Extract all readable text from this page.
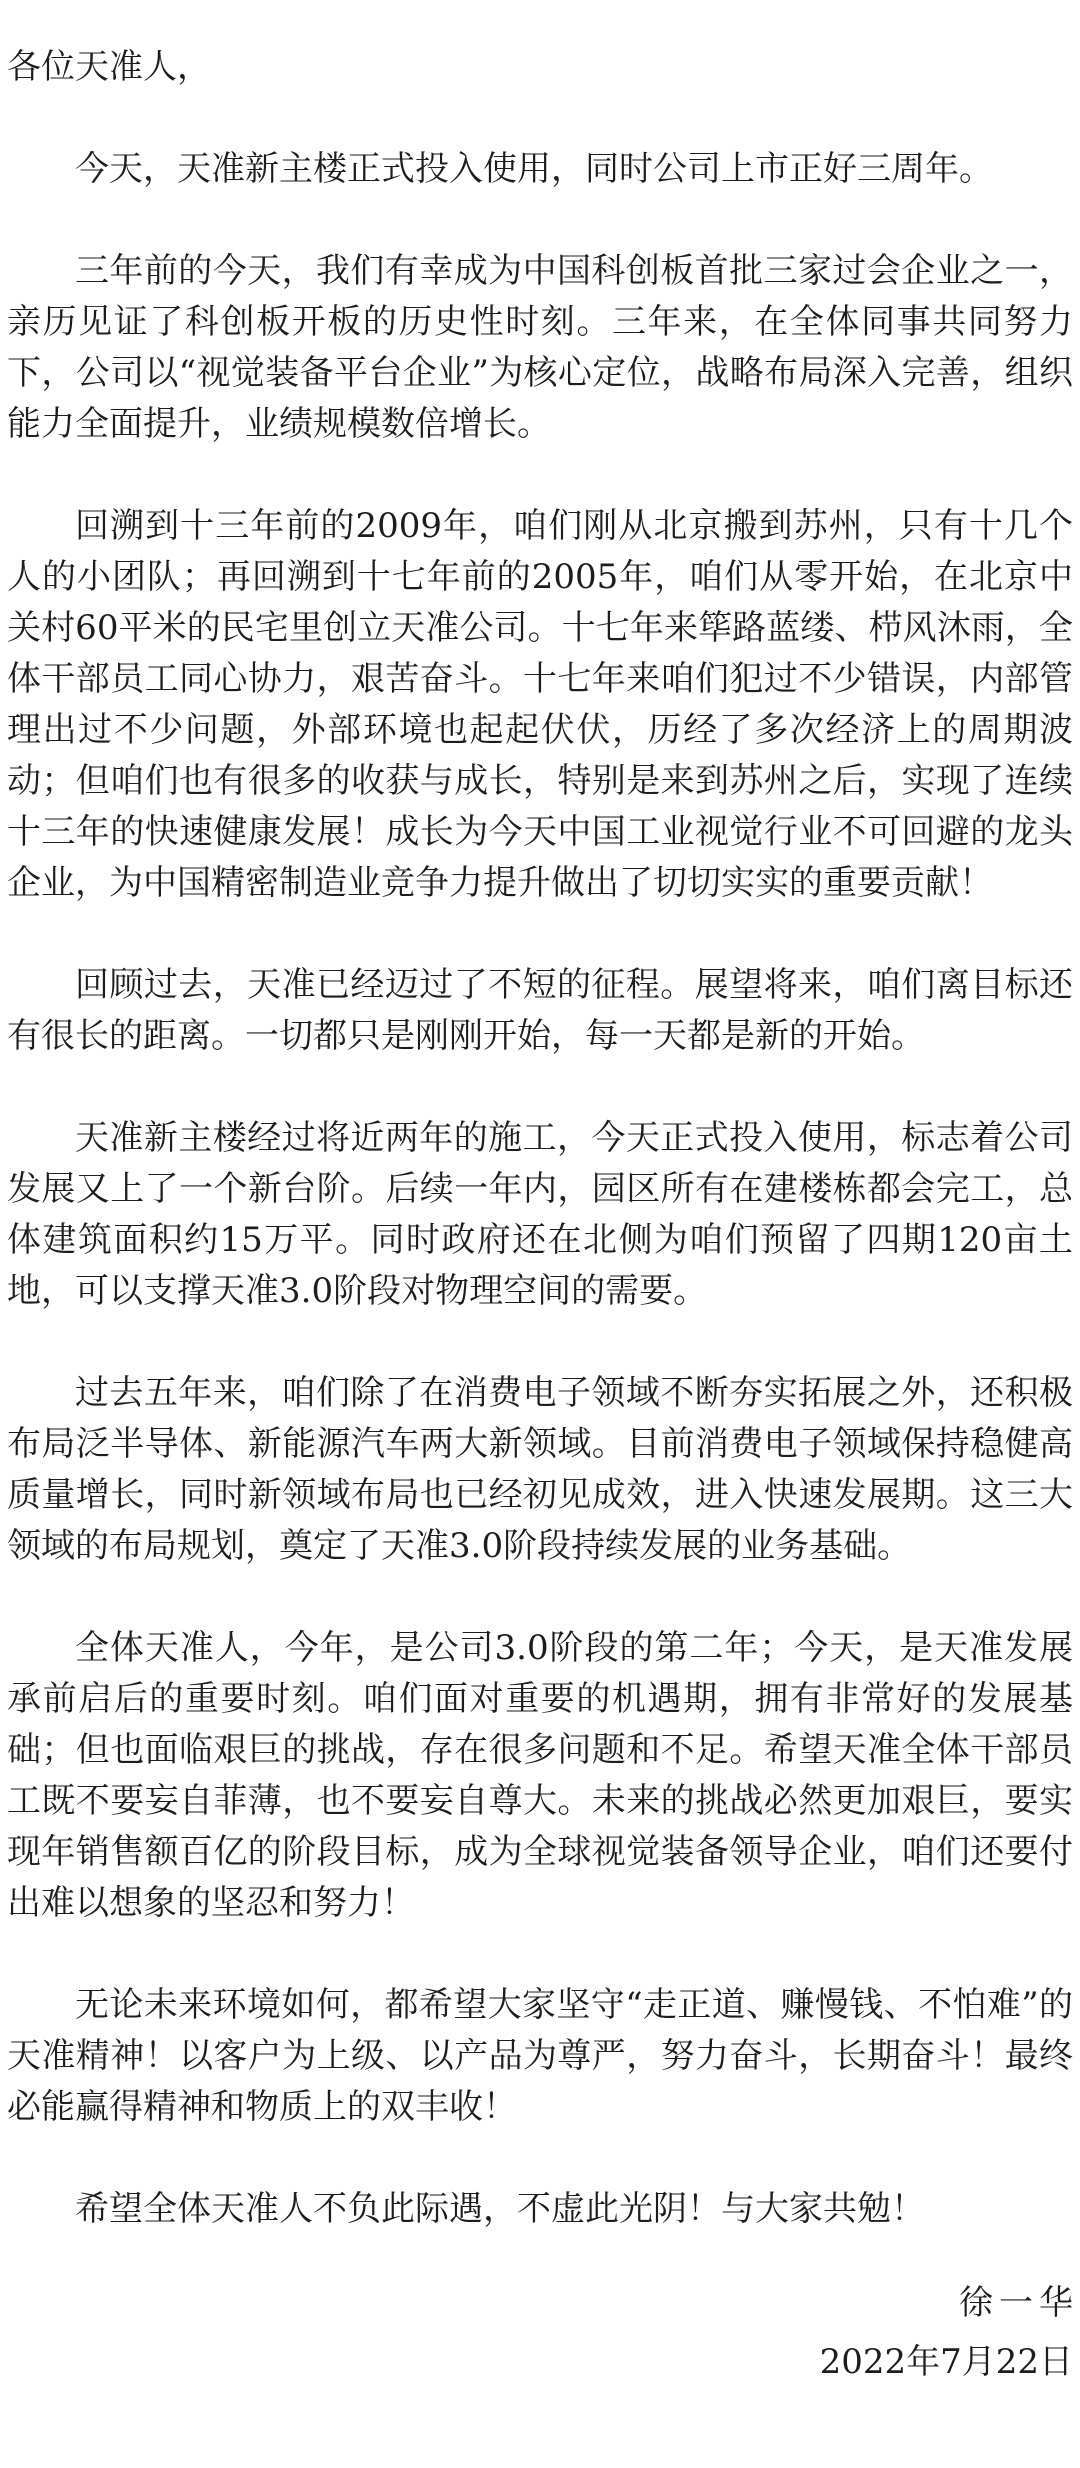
各位天准人，

今天，天准新主楼正式投入使用，同时公司上市正好三周年。

三年前的今天，我们有幸成为中国科创板首批三家过会企业之一，亲历见证了科创板开板的历史性时刻。三年来，在全体同事共同努力下，公司以“视觉装备平台企业”为核心定位，战略布局深入完善，组织能力全面提升，业绩规模数倍增长。

回溯到十三年前的2009年，咱们刚从北京搬到苏州，只有十几个人的小团队；再回溯到十七年前的2005年，咱们从零开始，在北京中关村60平米的民宅里创立天准公司。十七年来筚路蓝缕、栉风沐雨，全体干部员工同心协力，艰苦奋斗。十七年来咱们犯过不少错误，内部管理出过不少问题，外部环境也起起伏伏，历经了多次经济上的周期波动；但咱们也有很多的收获与成长，特别是来到苏州之后，实现了连续十三年的快速健康发展！成长为今天中国工业视觉行业不可回避的龙头企业，为中国精密制造业竞争力提升做出了切切实实的重要贡献！

回顾过去，天准已经迈过了不短的征程。展望将来，咱们离目标还有很长的距离。一切都只是刚刚开始，每一天都是新的开始。

天准新主楼经过将近两年的施工，今天正式投入使用，标志着公司发展又上了一个新台阶。后续一年内，园区所有在建楼栋都会完工，总体建筑面积约15万平。同时政府还在北侧为咱们预留了四期120亩土地，可以支撑天准3.0阶段对物理空间的需要。

过去五年来，咱们除了在消费电子领域不断夯实拓展之外，还积极布局泛半导体、新能源汽车两大新领域。目前消费电子领域保持稳健高质量增长，同时新领域布局也已经初见成效，进入快速发展期。这三大领域的布局规划，奠定了天准3.0阶段持续发展的业务基础。

全体天准人，今年，是公司3.0阶段的第二年；今天，是天准发展承前启后的重要时刻。咱们面对重要的机遇期，拥有非常好的发展基础；但也面临艰巨的挑战，存在很多问题和不足。希望天准全体干部员工既不要妄自菲薄，也不要妄自尊大。未来的挑战必然更加艰巨，要实现年销售额百亿的阶段目标，成为全球视觉装备领导企业，咱们还要付出难以想象的坚忍和努力！

无论未来环境如何，都希望大家坚守“走正道、赚慢钱、不怕难”的天准精神！以客户为上级、以产品为尊严，努力奋斗，长期奋斗！最终必能赢得精神和物质上的双丰收！

希望全体天准人不负此际遇，不虚此光阴！与大家共勉！

徐一华

2022年7月22日
